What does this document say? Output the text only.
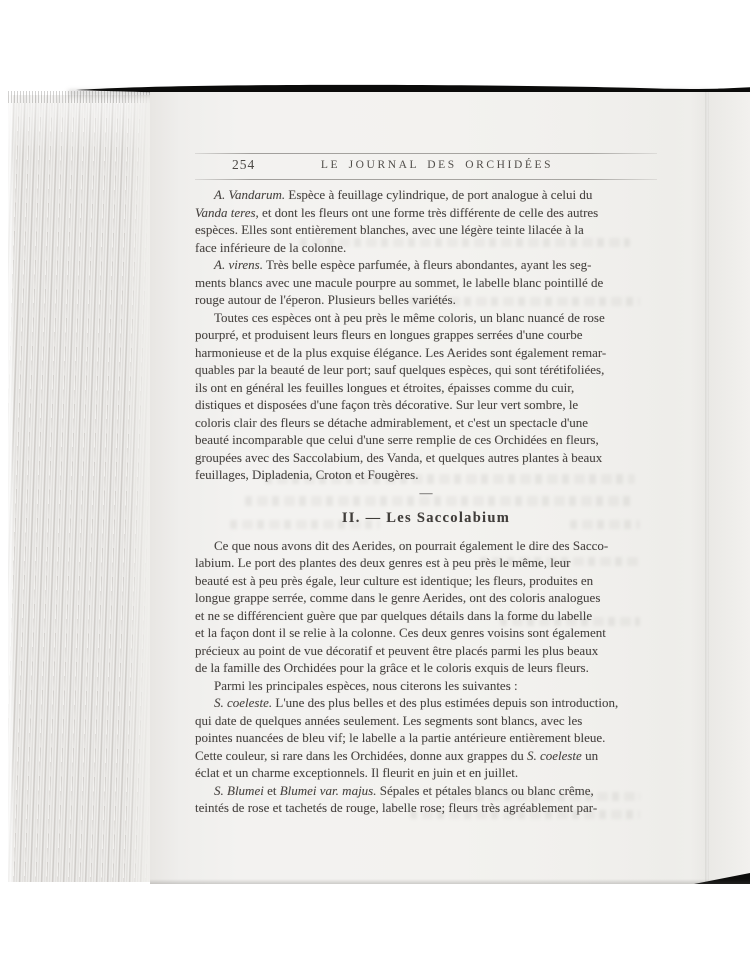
254	LE JOURNAL DES ORCHIDÉES
A. Vandarum. Espèce à feuillage cylindrique, de port analogue à celui du
Vanda teres, et dont les fleurs ont une forme très différente de celle des autres
espèces. Elles sont entièrement blanches, avec une légère teinte lilacée à la
face inférieure de la colonne.
A. virens. Très belle espèce parfumée, à fleurs abondantes, ayant les seg-
ments blancs avec une macule pourpre au sommet, le labelle blanc pointillé de
rouge autour de l'éperon. Plusieurs belles variétés.
Toutes ces espèces ont à peu près le même coloris, un blanc nuancé de rose
pourpré, et produisent leurs fleurs en longues grappes serrées d'une courbe
harmonieuse et de la plus exquise élégance. Les Aerides sont également remar-
quables par la beauté de leur port; sauf quelques espèces, qui sont térétifoliées,
ils ont en général les feuilles longues et étroites, épaisses comme du cuir,
distiques et disposées d'une façon très décorative. Sur leur vert sombre, le
coloris clair des fleurs se détache admirablement, et c'est un spectacle d'une
beauté incomparable que celui d'une serre remplie de ces Orchidées en fleurs,
groupées avec des Saccolabium, des Vanda, et quelques autres plantes à beaux
feuillages, Dipladenia, Croton et Fougères.
—
II. — Les Saccolabium
Ce que nous avons dit des Aerides, on pourrait également le dire des Sacco-
labium. Le port des plantes des deux genres est à peu près le même, leur
beauté est à peu près égale, leur culture est identique; les fleurs, produites en
longue grappe serrée, comme dans le genre Aerides, ont des coloris analogues
et ne se différencient guère que par quelques détails dans la forme du labelle
et la façon dont il se relie à la colonne. Ces deux genres voisins sont également
précieux au point de vue décoratif et peuvent être placés parmi les plus beaux
de la famille des Orchidées pour la grâce et le coloris exquis de leurs fleurs.
Parmi les principales espèces, nous citerons les suivantes :
S. coeleste. L'une des plus belles et des plus estimées depuis son introduction,
qui date de quelques années seulement. Les segments sont blancs, avec les
pointes nuancées de bleu vif; le labelle a la partie antérieure entièrement bleue.
Cette couleur, si rare dans les Orchidées, donne aux grappes du S. coeleste un
éclat et un charme exceptionnels. Il fleurit en juin et en juillet.
S. Blumei et Blumei var. majus. Sépales et pétales blancs ou blanc crême,
teintés de rose et tachetés de rouge, labelle rose; fleurs très agréablement par-
